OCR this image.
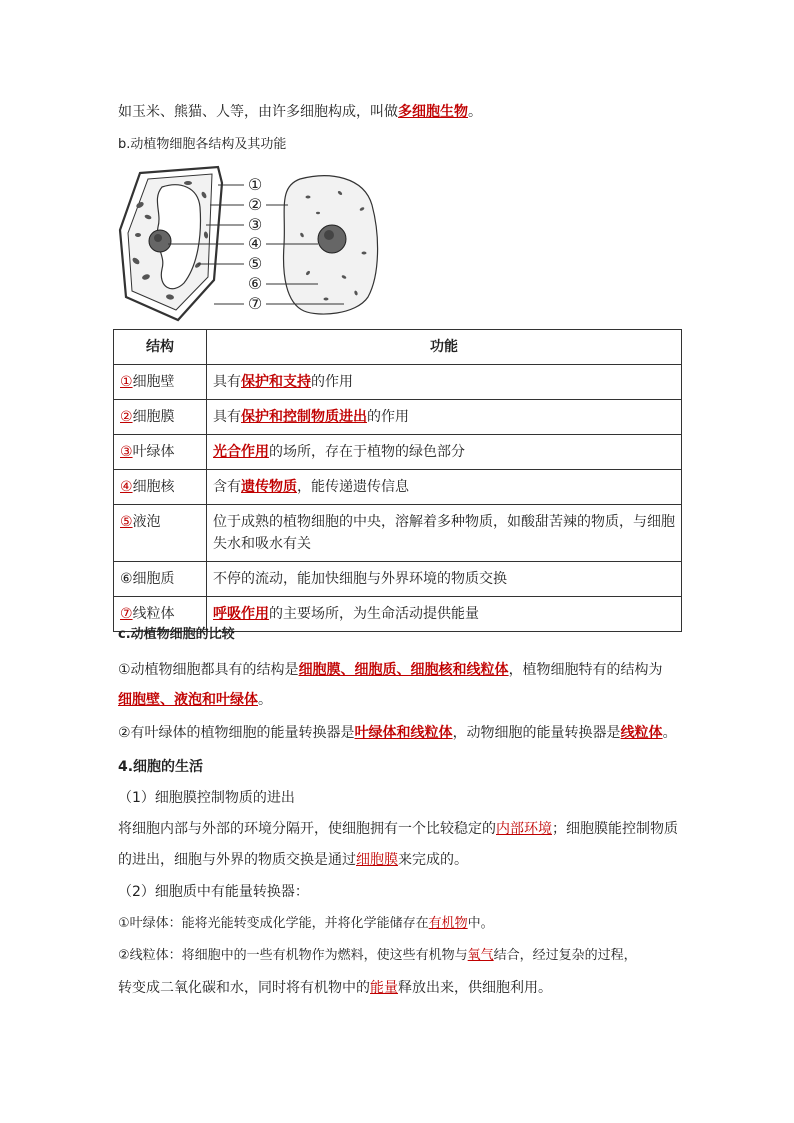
如玉米、熊猫、人等，由许多细胞构成，叫做多细胞生物。
b.动植物细胞各结构及其功能
①
②
③
④
⑤
⑥
⑦
结构	功能
①细胞壁	具有保护和支持的作用
②细胞膜	具有保护和控制物质进出的作用
③叶绿体	光合作用的场所，存在于植物的绿色部分
④细胞核	含有遗传物质，能传递遗传信息
⑤液泡	位于成熟的植物细胞的中央，溶解着多种物质，如酸甜苦辣的物质，与细胞
失水和吸水有关
⑥细胞质	不停的流动，能加快细胞与外界环境的物质交换
⑦线粒体	呼吸作用的主要场所，为生命活动提供能量
c.动植物细胞的比较
①动植物细胞都具有的结构是细胞膜、细胞质、细胞核和线粒体，植物细胞特有的结构为
细胞壁、液泡和叶绿体。
②有叶绿体的植物细胞的能量转换器是叶绿体和线粒体，动物细胞的能量转换器是线粒体。
4.细胞的生活
（1）细胞膜控制物质的进出
将细胞内部与外部的环境分隔开，使细胞拥有一个比较稳定的内部环境；细胞膜能控制物质
的进出，细胞与外界的物质交换是通过细胞膜来完成的。
（2）细胞质中有能量转换器：
①叶绿体：能将光能转变成化学能，并将化学能储存在有机物中。
②线粒体：将细胞中的一些有机物作为燃料，使这些有机物与氧气结合，经过复杂的过程，
转变成二氧化碳和水，同时将有机物中的能量释放出来，供细胞利用。
